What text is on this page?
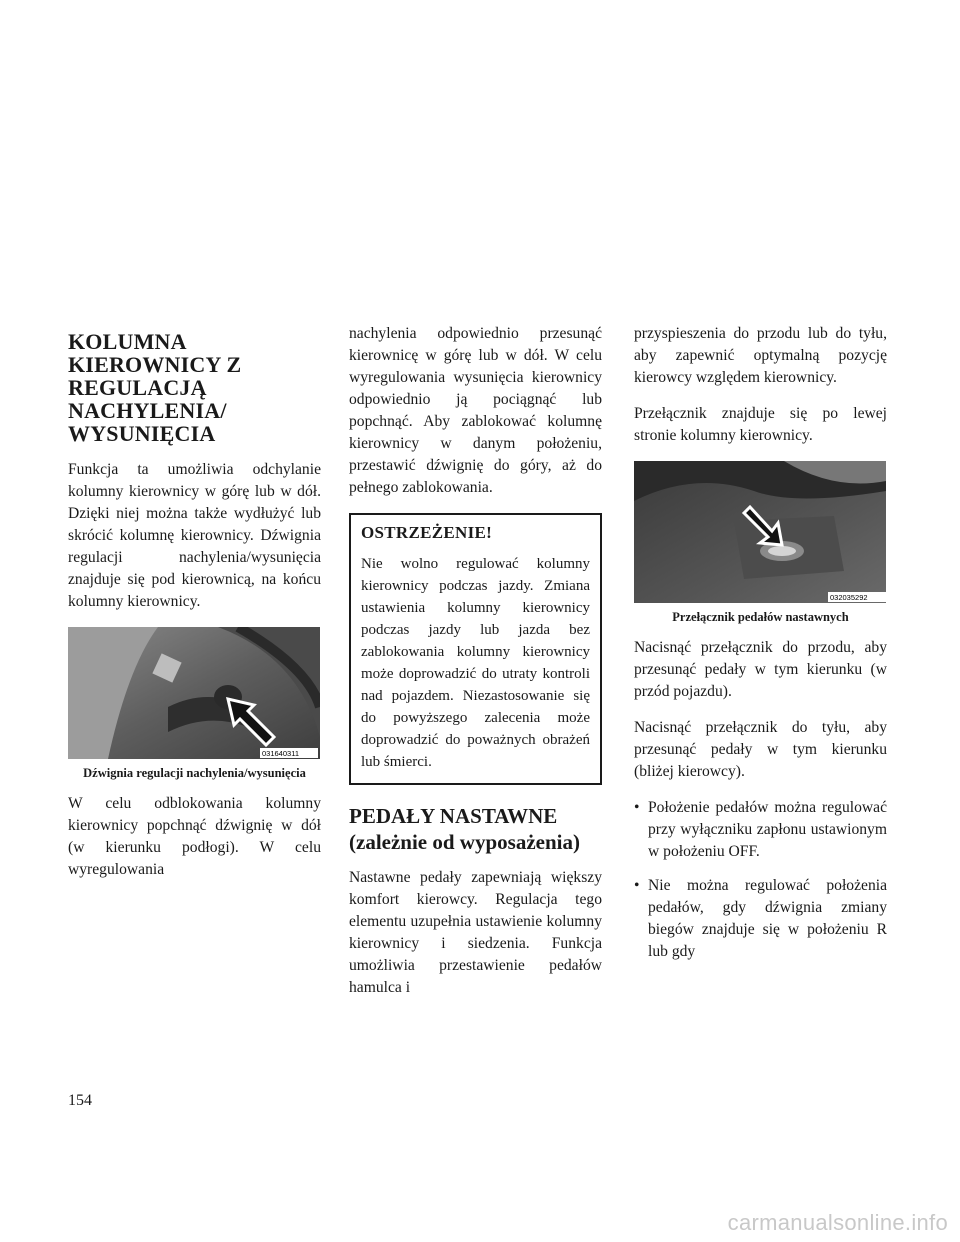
KOLUMNA
KIEROWNICY Z
REGULACJĄ
NACHYLENIA/
WYSUNIĘCIA

Funkcja ta umożliwia odchylanie kolumny kierownicy w górę lub w dół. Dzięki niej można także wydłużyć lub skrócić kolumnę kierownicy. Dźwignia regulacji nachylenia/wysunięcia znajduje się pod kierownicą, na końcu kolumny kierownicy.

031640311
Dźwignia regulacji nachylenia/wysunięcia

W celu odblokowania kolumny kierownicy popchnąć dźwignię w dół (w kierunku podłogi). W celu wyregulowania

nachylenia odpowiednio przesunąć kierownicę w górę lub w dół. W celu wyregulowania wysunięcia kierownicy odpowiednio ją pociągnąć lub popchnąć. Aby zablokować kolumnę kierownicy w danym położeniu, przestawić dźwignię do góry, aż do pełnego zablokowania.

OSTRZEŻENIE!

Nie wolno regulować kolumny kierownicy podczas jazdy. Zmiana ustawienia kolumny kierownicy podczas jazdy lub jazda bez zablokowania kolumny kierownicy może doprowadzić do utraty kontroli nad pojazdem. Niezastosowanie się do powyższego zalecenia może doprowadzić do poważnych obrażeń lub śmierci.

PEDAŁY NASTAWNE
(zależnie od wyposażenia)

Nastawne pedały zapewniają większy komfort kierowcy. Regulacja tego elementu uzupełnia ustawienie kolumny kierownicy i siedzenia. Funkcja umożliwia przestawienie pedałów hamulca i

przyspieszenia do przodu lub do tyłu, aby zapewnić optymalną pozycję kierowcy względem kierownicy.

Przełącznik znajduje się po lewej stronie kolumny kierownicy.

032035292
Przełącznik pedałów nastawnych

Nacisnąć przełącznik do przodu, aby przesunąć pedały w tym kierunku (w przód pojazdu).

Nacisnąć przełącznik do tyłu, aby przesunąć pedały w tym kierunku (bliżej kierowcy).

• Położenie pedałów można regulować przy wyłączniku zapłonu ustawionym w położeniu OFF.
• Nie można regulować położenia pedałów, gdy dźwignia zmiany biegów znajduje się w położeniu R lub gdy
154
carmanualsonline.info
